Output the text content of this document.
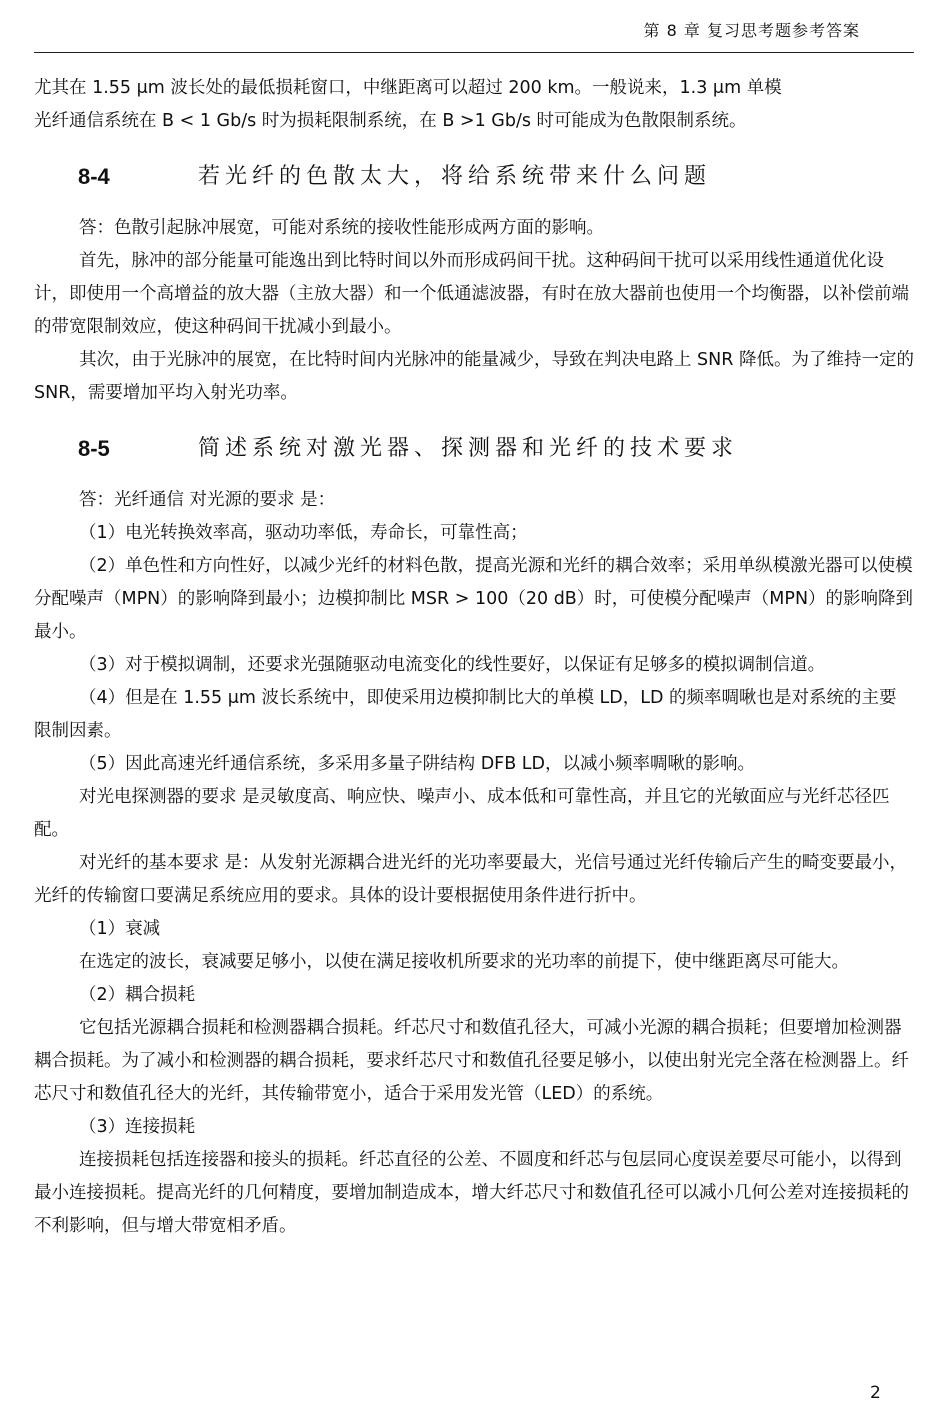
第 8 章 复习思考题参考答案

尤其在 1.55 μm 波长处的最低损耗窗口，中继距离可以超过 200 km。一般说来，1.3 μm 单模

光纤通信系统在 B < 1 Gb/s 时为损耗限制系统，在 B >1 Gb/s 时可能成为色散限制系统。

8-4	若光纤的色散太大，将给系统带来什么问题

答：色散引起脉冲展宽，可能对系统的接收性能形成两方面的影响。

首先，脉冲的部分能量可能逸出到比特时间以外而形成码间干扰。这种码间干扰可以采用线性通道优化设计，即使用一个高增益的放大器（主放大器）和一个低通滤波器，有时在放大器前也使用一个均衡器，以补偿前端的带宽限制效应，使这种码间干扰减小到最小。

其次，由于光脉冲的展宽，在比特时间内光脉冲的能量减少，导致在判决电路上 SNR 降低。为了维持一定的 SNR，需要增加平均入射光功率。

8-5	简述系统对激光器、探测器和光纤的技术要求

答：光纤通信 对光源的要求 是：

（1）电光转换效率高，驱动功率低，寿命长，可靠性高；

（2）单色性和方向性好，以减少光纤的材料色散，提高光源和光纤的耦合效率；采用单纵模激光器可以使模分配噪声（MPN）的影响降到最小；边模抑制比 MSR > 100（20 dB）时，可使模分配噪声（MPN）的影响降到最小。

（3）对于模拟调制，还要求光强随驱动电流变化的线性要好，以保证有足够多的模拟调制信道。

（4）但是在 1.55 μm 波长系统中，即使采用边模抑制比大的单模 LD，LD 的频率啁啾也是对系统的主要限制因素。

（5）因此高速光纤通信系统，多采用多量子阱结构 DFB LD，以减小频率啁啾的影响。

对光电探测器的要求 是灵敏度高、响应快、噪声小、成本低和可靠性高，并且它的光敏面应与光纤芯径匹配。

对光纤的基本要求 是：从发射光源耦合进光纤的光功率要最大，光信号通过光纤传输后产生的畸变要最小，光纤的传输窗口要满足系统应用的要求。具体的设计要根据使用条件进行折中。

（1）衰减

在选定的波长，衰减要足够小，以使在满足接收机所要求的光功率的前提下，使中继距离尽可能大。

（2）耦合损耗

它包括光源耦合损耗和检测器耦合损耗。纤芯尺寸和数值孔径大，可减小光源的耦合损耗；但要增加检测器耦合损耗。为了减小和检测器的耦合损耗，要求纤芯尺寸和数值孔径要足够小，以使出射光完全落在检测器上。纤芯尺寸和数值孔径大的光纤，其传输带宽小，适合于采用发光管（LED）的系统。

（3）连接损耗

连接损耗包括连接器和接头的损耗。纤芯直径的公差、不圆度和纤芯与包层同心度误差要尽可能小，以得到最小连接损耗。提高光纤的几何精度，要增加制造成本，增大纤芯尺寸和数值孔径可以减小几何公差对连接损耗的不利影响，但与增大带宽相矛盾。

2
